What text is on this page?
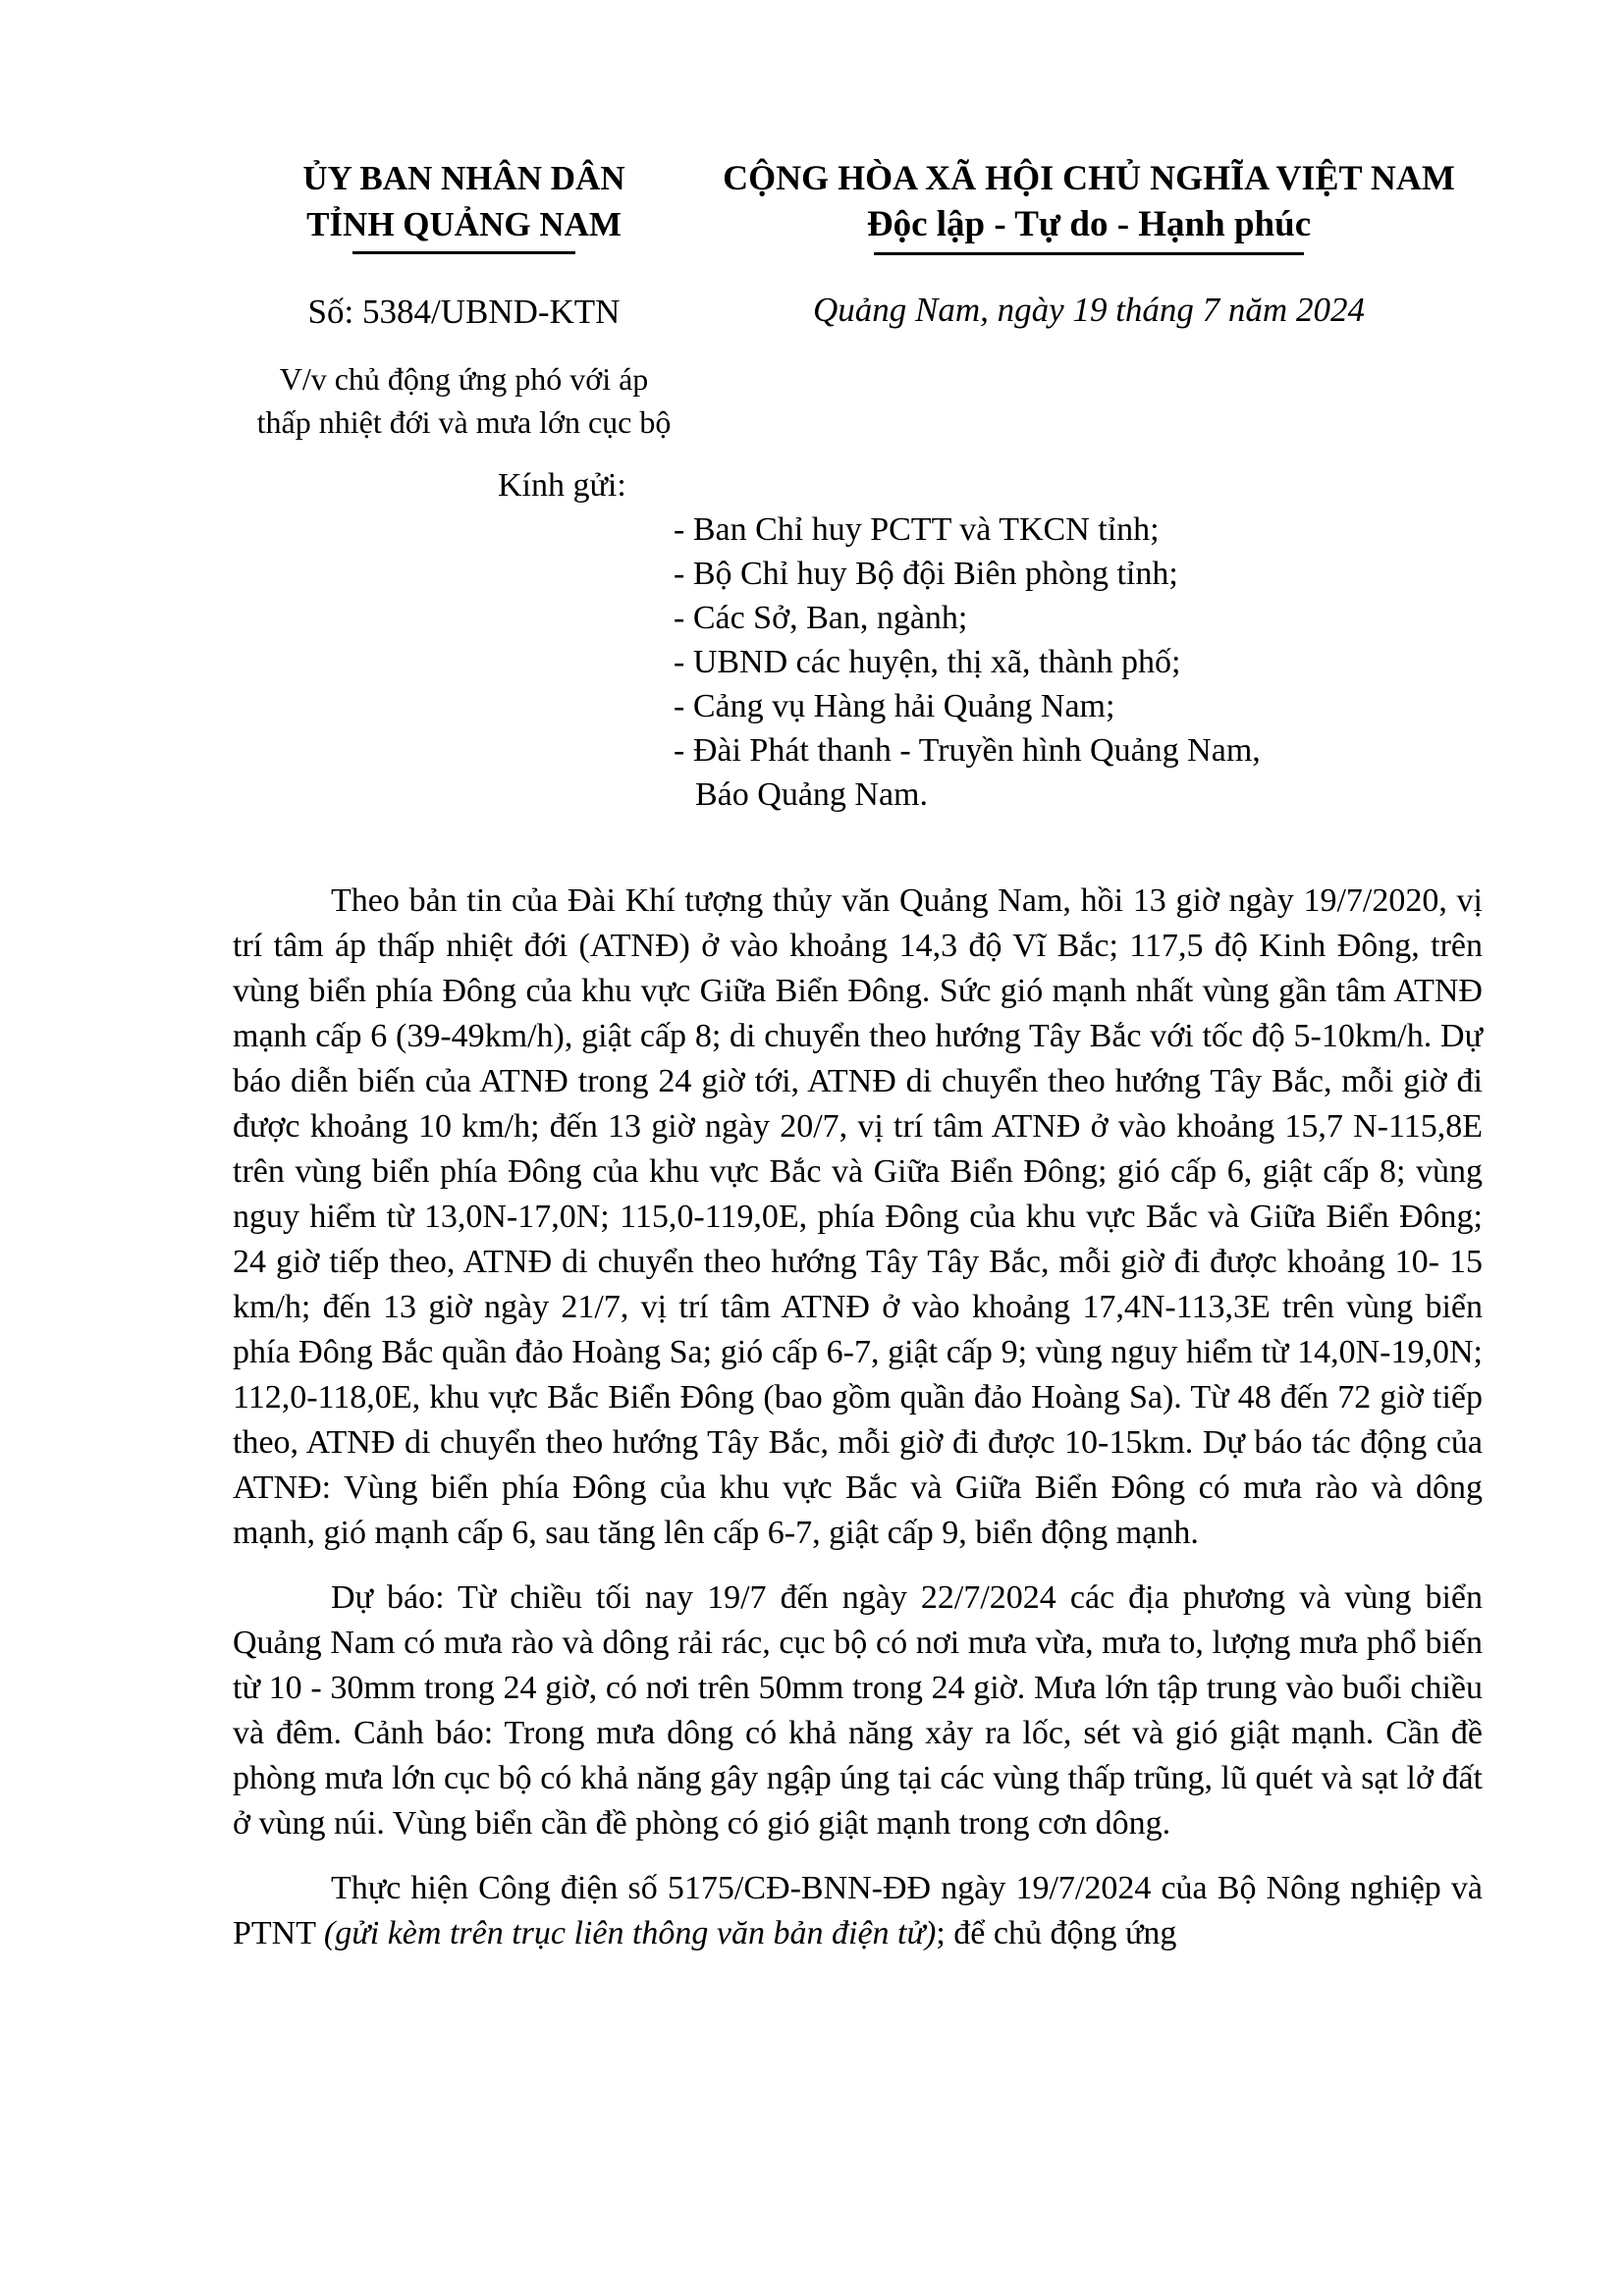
ỦY BAN NHÂN DÂN
TỈNH QUẢNG NAM
Số: 5384/UBND-KTN
V/v chủ động ứng phó với áp
thấp nhiệt đới và mưa lớn cục bộ
CỘNG HÒA XÃ HỘI CHỦ NGHĨA VIỆT NAM
Độc lập - Tự do - Hạnh phúc
Quảng Nam, ngày 19 tháng 7 năm 2024
Kính gửi:
- Ban Chỉ huy PCTT và TKCN tỉnh;
- Bộ Chỉ huy Bộ đội Biên phòng tỉnh;
- Các Sở, Ban, ngành;
- UBND các huyện, thị xã, thành phố;
- Cảng vụ Hàng hải Quảng Nam;
- Đài Phát thanh - Truyền hình Quảng Nam,
Báo Quảng Nam.

Theo bản tin của Đài Khí tượng thủy văn Quảng Nam, hồi 13 giờ ngày 19/7/2020, vị trí tâm áp thấp nhiệt đới (ATNĐ) ở vào khoảng 14,3 độ Vĩ Bắc; 117,5 độ Kinh Đông, trên vùng biển phía Đông của khu vực Giữa Biển Đông. Sức gió mạnh nhất vùng gần tâm ATNĐ mạnh cấp 6 (39-49km/h), giật cấp 8; di chuyển theo hướng Tây Bắc với tốc độ 5-10km/h. Dự báo diễn biến của ATNĐ trong 24 giờ tới, ATNĐ di chuyển theo hướng Tây Bắc, mỗi giờ đi được khoảng 10 km/h; đến 13 giờ ngày 20/7, vị trí tâm ATNĐ ở vào khoảng 15,7 N-115,8E trên vùng biển phía Đông của khu vực Bắc và Giữa Biển Đông; gió cấp 6, giật cấp 8; vùng nguy hiểm từ 13,0N-17,0N; 115,0-119,0E, phía Đông của khu vực Bắc và Giữa Biển Đông; 24 giờ tiếp theo, ATNĐ di chuyển theo hướng Tây Tây Bắc, mỗi giờ đi được khoảng 10- 15 km/h; đến 13 giờ ngày 21/7, vị trí tâm ATNĐ ở vào khoảng 17,4N-113,3E trên vùng biển phía Đông Bắc quần đảo Hoàng Sa; gió cấp 6-7, giật cấp 9; vùng nguy hiểm từ 14,0N-19,0N; 112,0-118,0E, khu vực Bắc Biển Đông (bao gồm quần đảo Hoàng Sa). Từ 48 đến 72 giờ tiếp theo, ATNĐ di chuyển theo hướng Tây Bắc, mỗi giờ đi được 10-15km. Dự báo tác động của ATNĐ: Vùng biển phía Đông của khu vực Bắc và Giữa Biển Đông có mưa rào và dông mạnh, gió mạnh cấp 6, sau tăng lên cấp 6-7, giật cấp 9, biển động mạnh.

Dự báo: Từ chiều tối nay 19/7 đến ngày 22/7/2024 các địa phương và vùng biển Quảng Nam có mưa rào và dông rải rác, cục bộ có nơi mưa vừa, mưa to, lượng mưa phổ biến từ 10 - 30mm trong 24 giờ, có nơi trên 50mm trong 24 giờ. Mưa lớn tập trung vào buổi chiều và đêm. Cảnh báo: Trong mưa dông có khả năng xảy ra lốc, sét và gió giật mạnh. Cần đề phòng mưa lớn cục bộ có khả năng gây ngập úng tại các vùng thấp trũng, lũ quét và sạt lở đất ở vùng núi. Vùng biển cần đề phòng có gió giật mạnh trong cơn dông.

Thực hiện Công điện số 5175/CĐ-BNN-ĐĐ ngày 19/7/2024 của Bộ Nông nghiệp và PTNT (gửi kèm trên trục liên thông văn bản điện tử); để chủ động ứng
